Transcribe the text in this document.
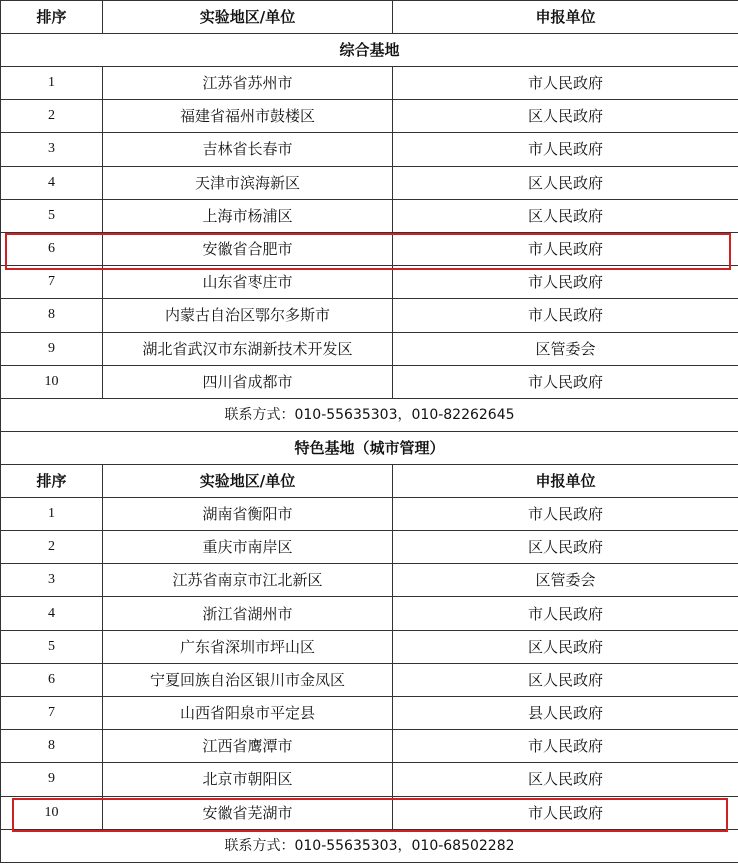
排序	实验地区/单位	申报单位
综合基地		
1	江苏省苏州市	市人民政府
2	福建省福州市鼓楼区	区人民政府
3	吉林省长春市	市人民政府
4	天津市滨海新区	区人民政府
5	上海市杨浦区	区人民政府
6	安徽省合肥市	市人民政府
7	山东省枣庄市	市人民政府
8	内蒙古自治区鄂尔多斯市	市人民政府
9	湖北省武汉市东湖新技术开发区	区管委会
10	四川省成都市	市人民政府
联系方式：010-55635303，010-82262645		
特色基地（城市管理）		
排序	实验地区/单位	申报单位
1	湖南省衡阳市	市人民政府
2	重庆市南岸区	区人民政府
3	江苏省南京市江北新区	区管委会
4	浙江省湖州市	市人民政府
5	广东省深圳市坪山区	区人民政府
6	宁夏回族自治区银川市金凤区	区人民政府
7	山西省阳泉市平定县	县人民政府
8	江西省鹰潭市	市人民政府
9	北京市朝阳区	区人民政府
10	安徽省芜湖市	市人民政府
联系方式：010-55635303，010-68502282		
